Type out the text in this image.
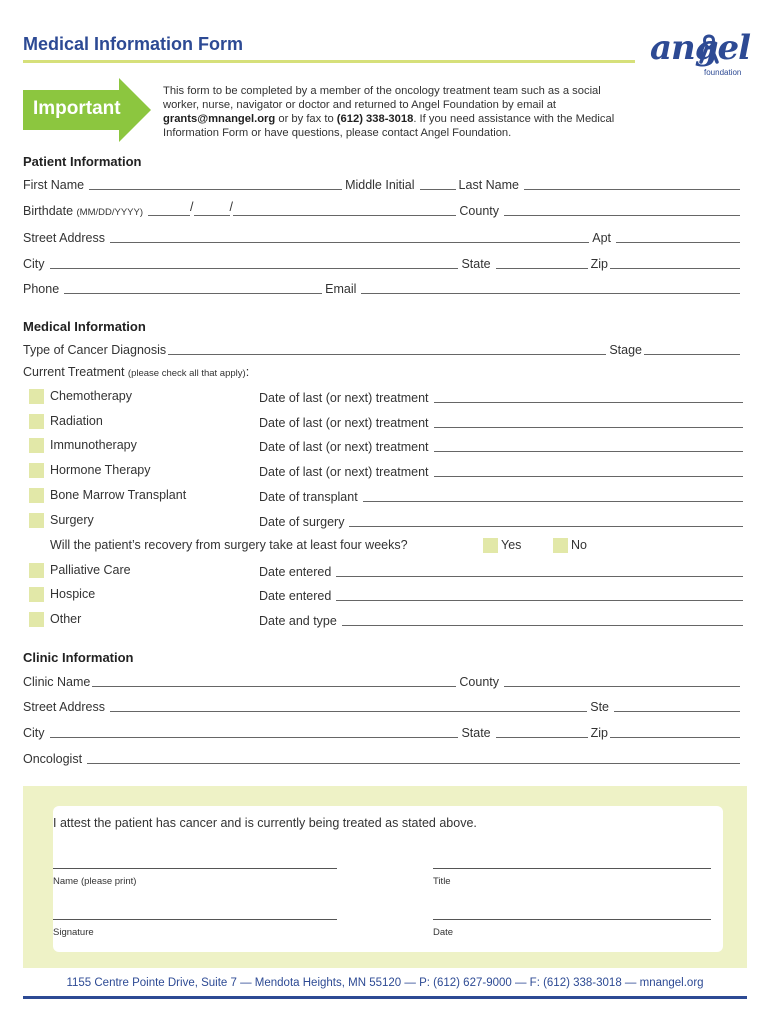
Medical Information Form	angel
foundation
Important
This form to be completed by a member of the oncology treatment team such as a social worker, nurse, navigator or doctor and returned to Angel Foundation by email at grants@mnangel.org or by fax to (612) 338-3018. If you need assistance with the Medical Information Form or have questions, please contact Angel Foundation.
Patient Information
First Name	Middle Initial	Last Name
Birthdate (MM/DD/YYYY)	/	/	County
Street Address	Apt
City	State	Zip
Phone	Email
Medical Information
Type of Cancer Diagnosis	Stage
Current Treatment (please check all that apply):
Chemotherapy	Date of last (or next) treatment
Radiation	Date of last (or next) treatment
Immunotherapy	Date of last (or next) treatment
Hormone Therapy	Date of last (or next) treatment
Bone Marrow Transplant	Date of transplant
Surgery	Date of surgery
Will the patient’s recovery from surgery take at least four weeks?	Yes	No
Palliative Care	Date entered
Hospice	Date entered
Other	Date and type
Clinic Information
Clinic Name	County
Street Address	Ste
City	State	Zip
Oncologist
I attest the patient has cancer and is currently being treated as stated above.
Name (please print)	Title
Signature	Date
1155 Centre Pointe Drive, Suite 7 — Mendota Heights, MN 55120 — P: (612) 627-9000 — F: (612) 338-3018 — mnangel.org
